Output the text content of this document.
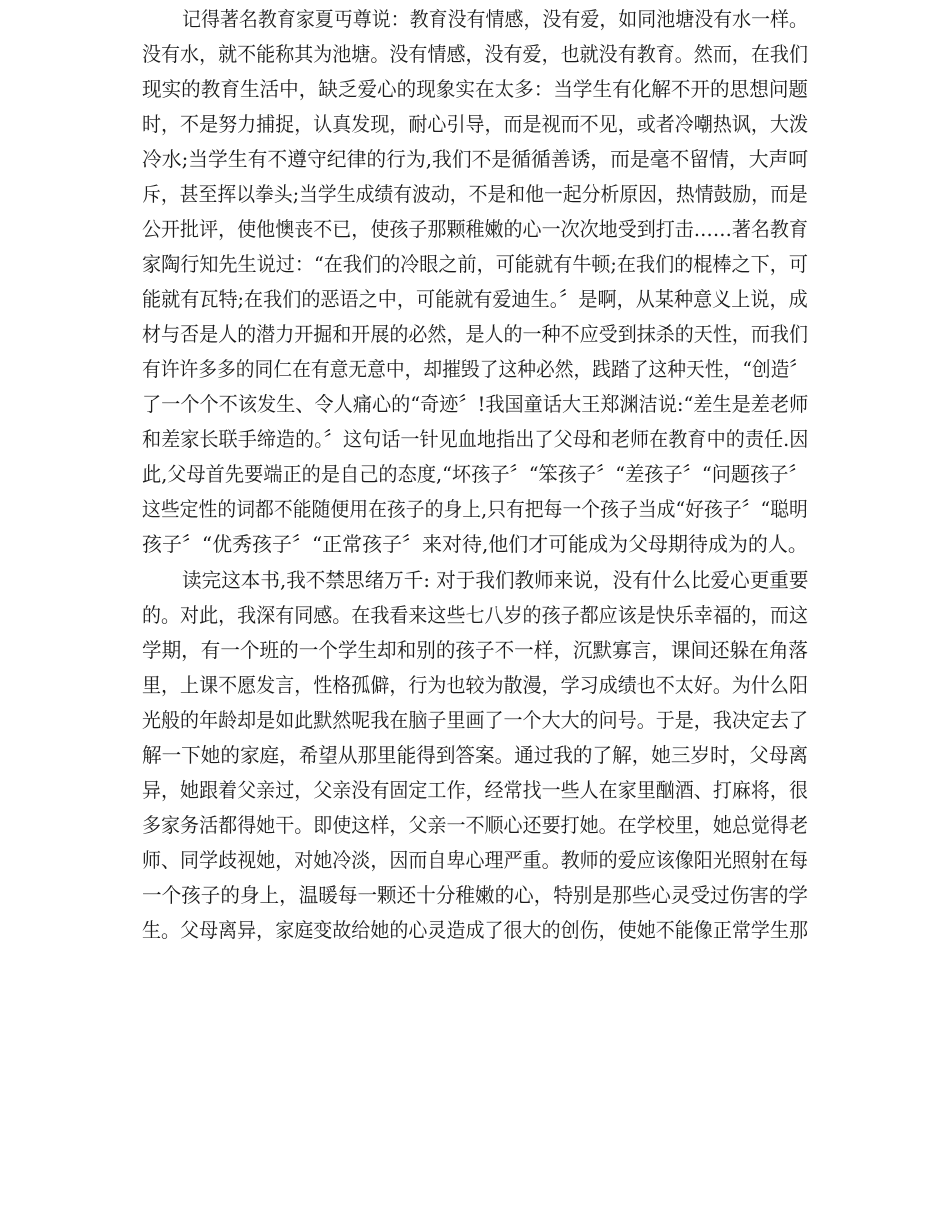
记得著名教育家夏丏尊说：教育没有情感，没有爱，如同池塘没有水一样。
没有水，就不能称其为池塘。没有情感，没有爱，也就没有教育。然而，在我们
现实的教育生活中，缺乏爱心的现象实在太多：当学生有化解不开的思想问题
时，不是努力捕捉，认真发现，耐心引导，而是视而不见，或者冷嘲热讽，大泼
冷水;当学生有不遵守纪律的行为,我们不是循循善诱，而是毫不留情，大声呵
斥，甚至挥以拳头;当学生成绩有波动，不是和他一起分析原因，热情鼓励，而是
公开批评，使他懊丧不已，使孩子那颗稚嫩的心一次次地受到打击……著名教育
家陶行知先生说过：“在我们的冷眼之前，可能就有牛顿;在我们的棍棒之下，可
能就有瓦特;在我们的恶语之中，可能就有爱迪生。〞是啊，从某种意义上说，成
材与否是人的潜力开掘和开展的必然，是人的一种不应受到抹杀的天性，而我们
有许许多多的同仁在有意无意中，却摧毁了这种必然，践踏了这种天性，“创造〞
了一个个不该发生、令人痛心的“奇迹〞!我国童话大王郑渊洁说:“差生是差老师
和差家长联手缔造的。〞这句话一针见血地指出了父母和老师在教育中的责任.因
此,父母首先要端正的是自己的态度,“坏孩子〞“笨孩子〞“差孩子〞“问题孩子〞
这些定性的词都不能随便用在孩子的身上,只有把每一个孩子当成“好孩子〞“聪明
孩子〞“优秀孩子〞“正常孩子〞来对待,他们才可能成为父母期待成为的人。
读完这本书,我不禁思绪万千: 对于我们教师来说，没有什么比爱心更重要
的。对此，我深有同感。在我看来这些七八岁的孩子都应该是快乐幸福的，而这
学期，有一个班的一个学生却和别的孩子不一样，沉默寡言，课间还躲在角落
里，上课不愿发言，性格孤僻，行为也较为散漫，学习成绩也不太好。为什么阳
光般的年龄却是如此默然呢我在脑子里画了一个大大的问号。于是，我决定去了
解一下她的家庭，希望从那里能得到答案。通过我的了解，她三岁时，父母离
异，她跟着父亲过，父亲没有固定工作，经常找一些人在家里酗酒、打麻将，很
多家务活都得她干。即使这样，父亲一不顺心还要打她。在学校里，她总觉得老
师、同学歧视她，对她冷淡，因而自卑心理严重。教师的爱应该像阳光照射在每
一个孩子的身上，温暖每一颗还十分稚嫩的心，特别是那些心灵受过伤害的学
生。父母离异，家庭变故给她的心灵造成了很大的创伤，使她不能像正常学生那
